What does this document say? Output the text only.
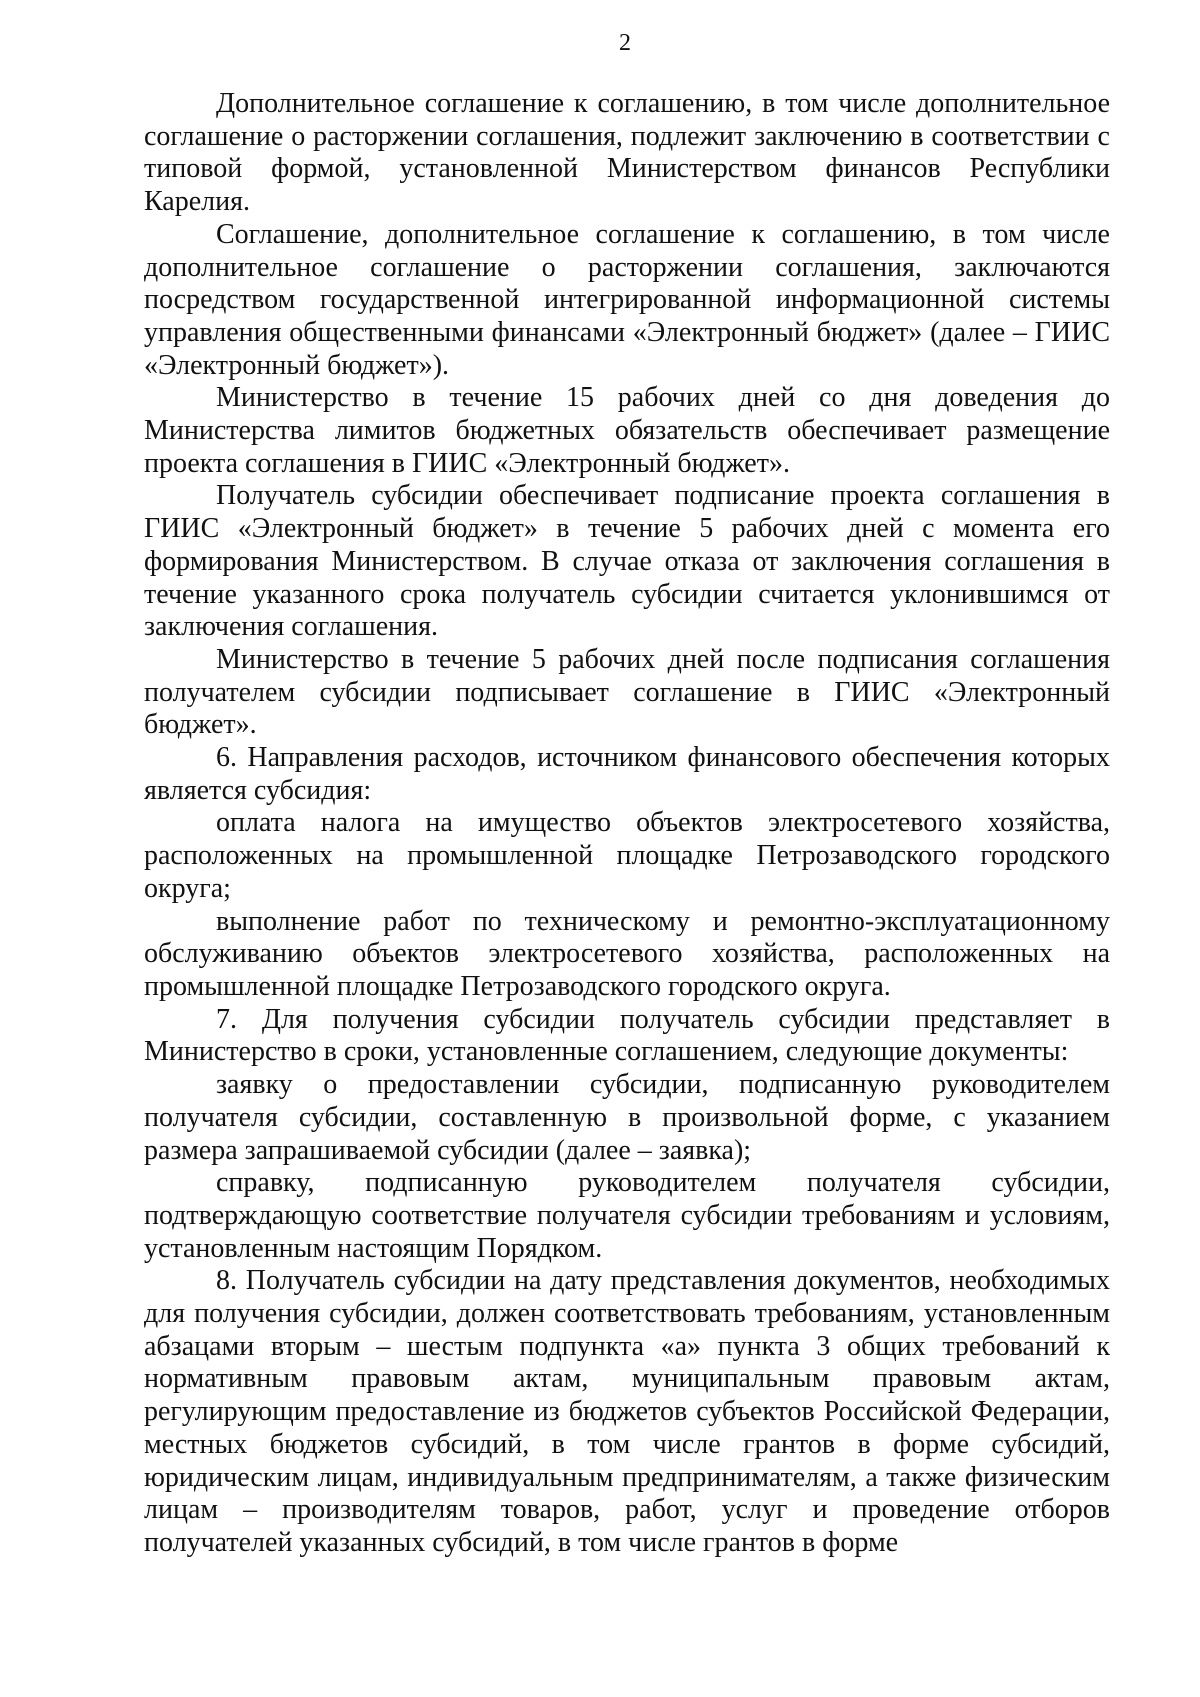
2

Дополнительное соглашение к соглашению, в том числе дополнительное соглашение о расторжении соглашения, подлежит заключению в соответствии с типовой формой, установленной Министерством финансов Республики Карелия.

Соглашение, дополнительное соглашение к соглашению, в том числе дополнительное соглашение о расторжении соглашения, заключаются посредством государственной интегрированной информационной системы управления общественными финансами «Электронный бюджет» (далее – ГИИС «Электронный бюджет»).

Министерство в течение 15 рабочих дней со дня доведения до Министерства лимитов бюджетных обязательств обеспечивает размещение проекта соглашения в ГИИС «Электронный бюджет».

Получатель субсидии обеспечивает подписание проекта соглашения в ГИИС «Электронный бюджет» в течение 5 рабочих дней с момента его формирования Министерством. В случае отказа от заключения соглашения в течение указанного срока получатель субсидии считается уклонившимся от заключения соглашения.

Министерство в течение 5 рабочих дней после подписания соглашения получателем субсидии подписывает соглашение в ГИИС «Электронный бюджет».

6. Направления расходов, источником финансового обеспечения которых является субсидия:

оплата налога на имущество объектов электросетевого хозяйства, расположенных на промышленной площадке Петрозаводского городского округа;

выполнение работ по техническому и ремонтно-эксплуатационному обслуживанию объектов электросетевого хозяйства, расположенных на промышленной площадке Петрозаводского городского округа.

7. Для получения субсидии получатель субсидии представляет в Министерство в сроки, установленные соглашением, следующие документы:

заявку о предоставлении субсидии, подписанную руководителем получателя субсидии, составленную в произвольной форме, с указанием размера запрашиваемой субсидии (далее – заявка);

справку, подписанную руководителем получателя субсидии, подтверждающую соответствие получателя субсидии требованиям и условиям, установленным настоящим Порядком.

8. Получатель субсидии на дату представления документов, необходимых для получения субсидии, должен соответствовать требованиям, установленным абзацами вторым – шестым подпункта «а» пункта 3 общих требований к нормативным правовым актам, муниципальным правовым актам, регулирующим предоставление из бюджетов субъектов Российской Федерации, местных бюджетов субсидий, в том числе грантов в форме субсидий, юридическим лицам, индивидуальным предпринимателям, а также физическим лицам – производителям товаров, работ, услуг и проведение отборов получателей указанных субсидий, в том числе грантов в форме
